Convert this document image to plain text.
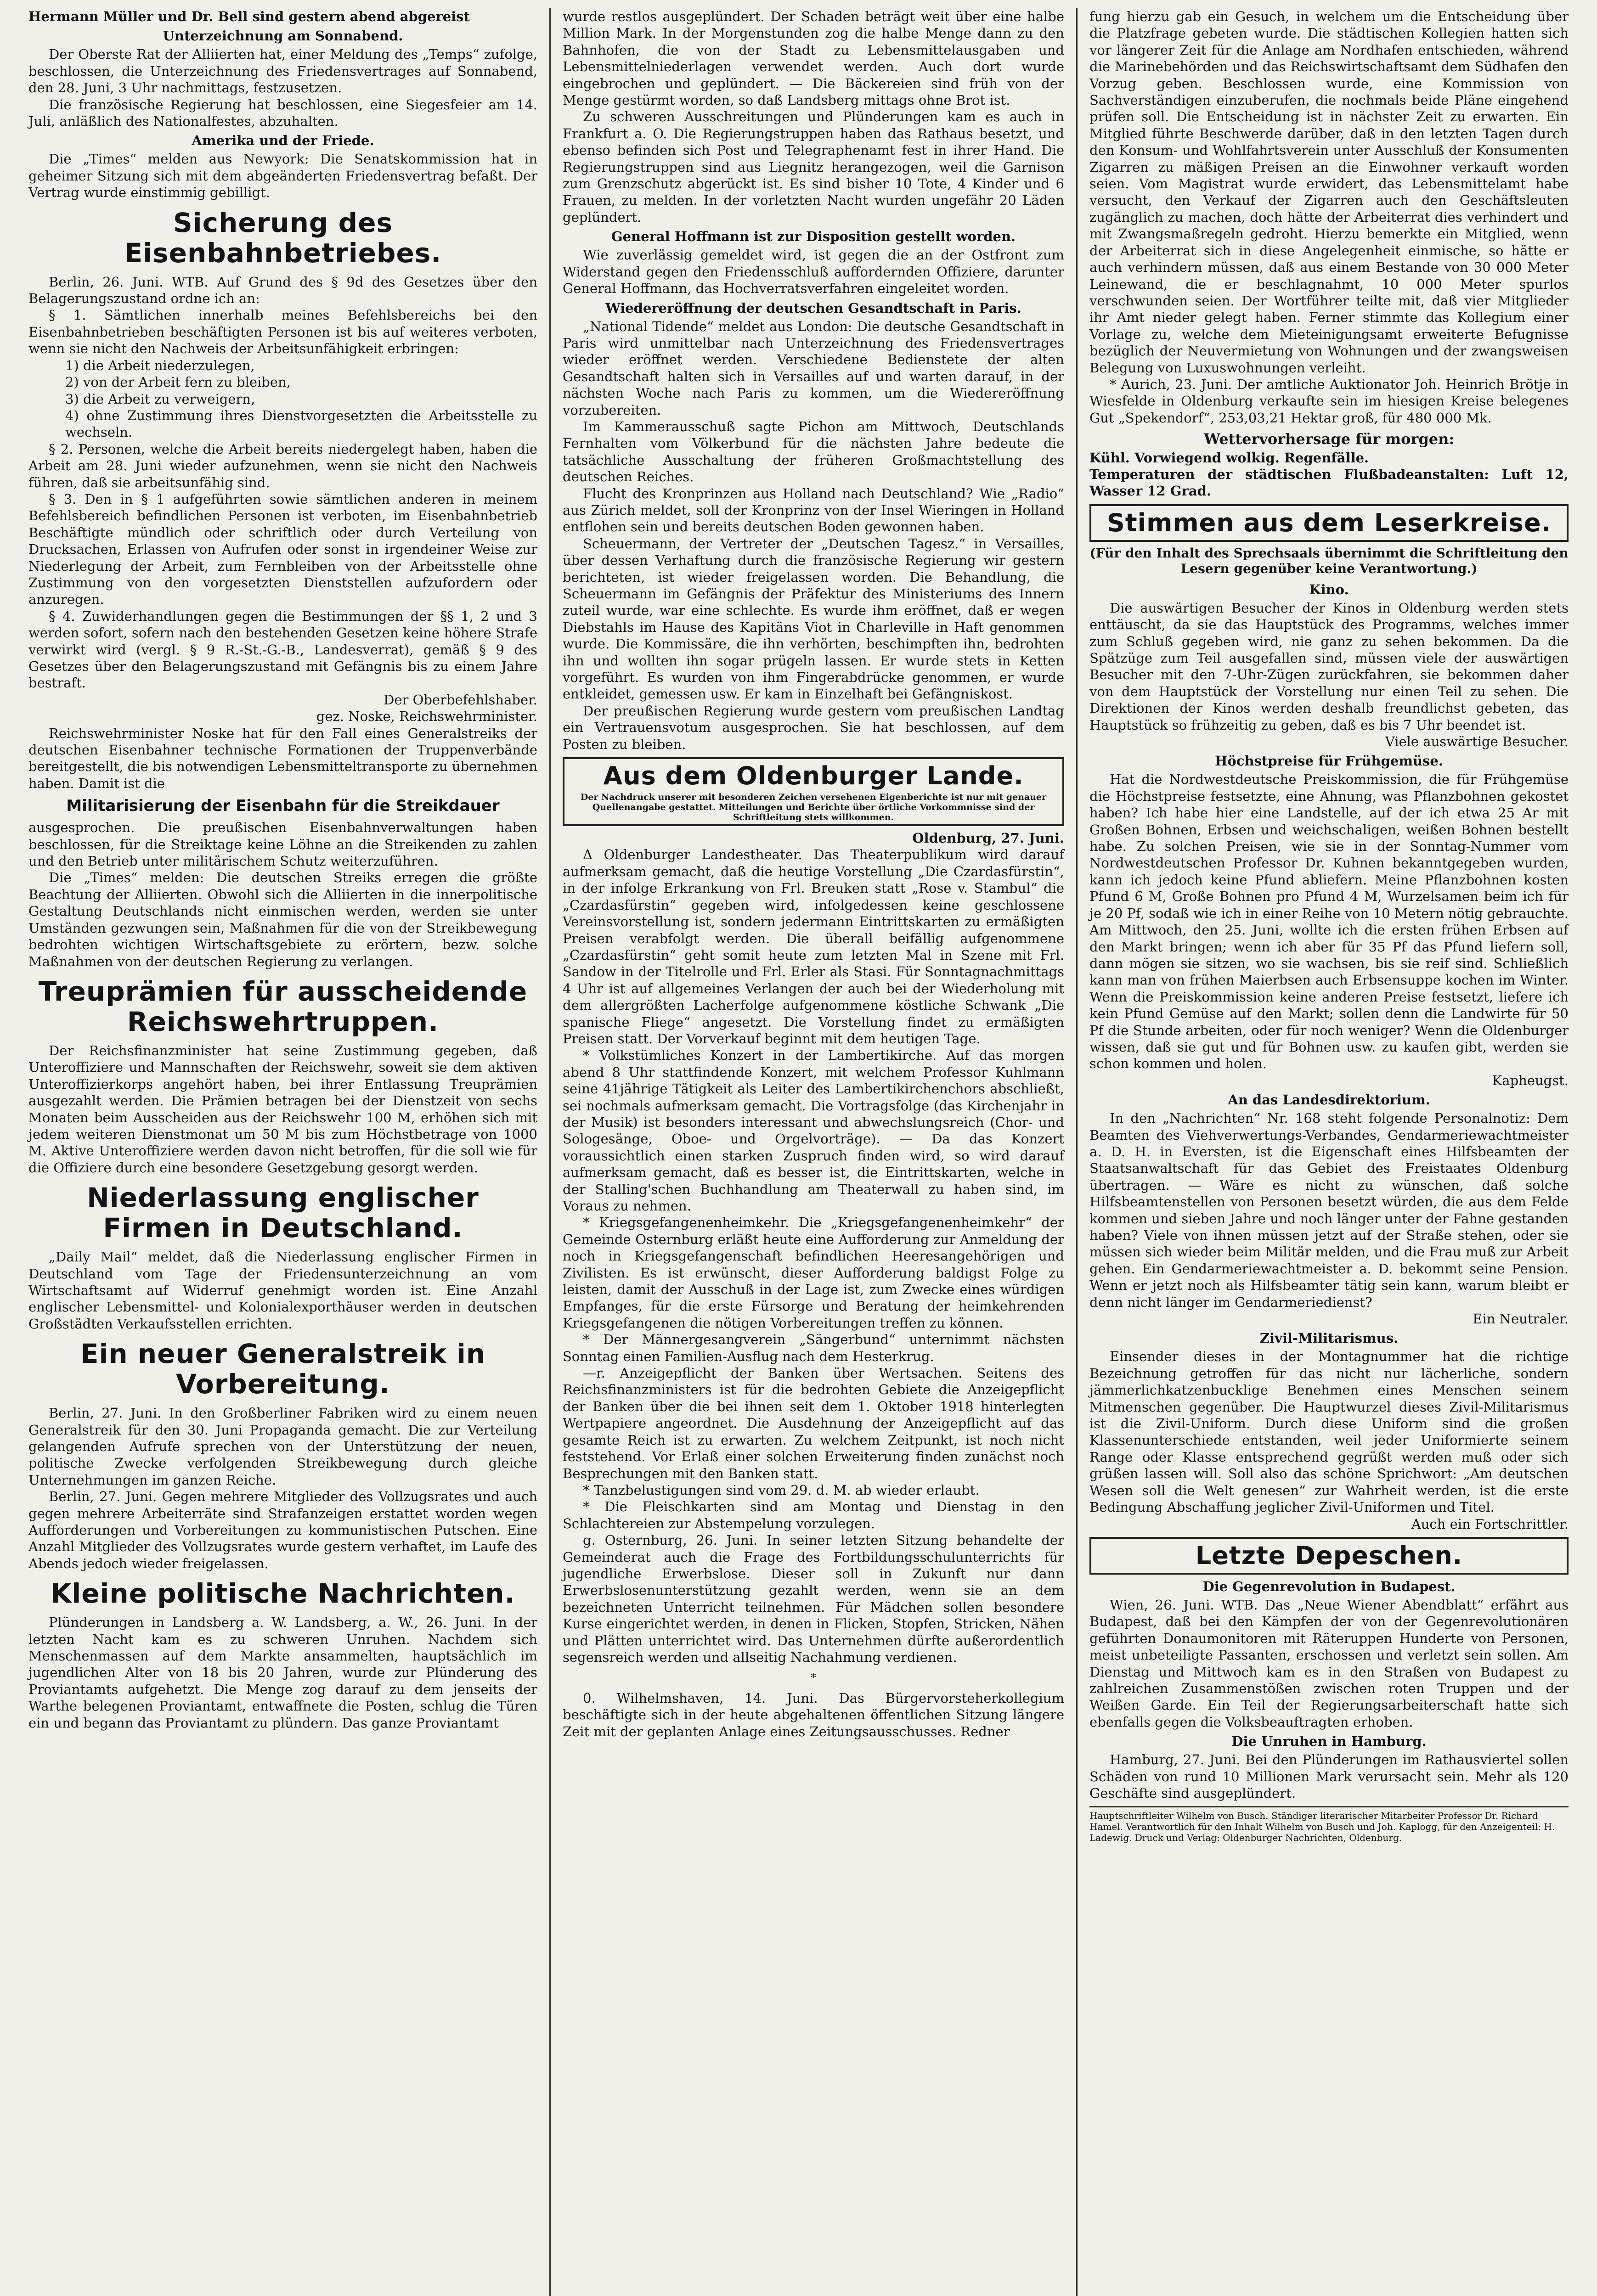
Hermann Müller und Dr. Bell sind gestern abend abgereist

Unterzeichnung am Sonnabend.

Der Oberste Rat der Alliierten hat, einer Meldung des „Temps“ zufolge, beschlossen, die Unterzeichnung des Friedensvertrages auf Sonnabend, den 28. Juni, 3 Uhr nachmittags, festzusetzen.

Die französische Regierung hat beschlossen, eine Siegesfeier am 14. Juli, anläßlich des Nationalfestes, abzuhalten.

Amerika und der Friede.

Die „Times“ melden aus Newyork: Die Senatskommission hat in geheimer Sitzung sich mit dem abgeänderten Friedensvertrag befaßt. Der Vertrag wurde einstimmig gebilligt.

Sicherung des Eisenbahnbetriebes.

Berlin, 26. Juni. WTB. Auf Grund des § 9d des Gesetzes über den Belagerungszustand ordne ich an:

§ 1. Sämtlichen innerhalb meines Befehlsbereichs bei den Eisenbahnbetrieben beschäftigten Personen ist bis auf weiteres verboten, wenn sie nicht den Nachweis der Arbeitsunfähigkeit erbringen:

1) die Arbeit niederzulegen,

2) von der Arbeit fern zu bleiben,

3) die Arbeit zu verweigern,

4) ohne Zustimmung ihres Dienstvorgesetzten die Arbeitsstelle zu wechseln.

§ 2. Personen, welche die Arbeit bereits niedergelegt haben, haben die Arbeit am 28. Juni wieder aufzunehmen, wenn sie nicht den Nachweis führen, daß sie arbeitsunfähig sind.

§ 3. Den in § 1 aufgeführten sowie sämtlichen anderen in meinem Befehlsbereich befindlichen Personen ist verboten, im Eisenbahnbetrieb Beschäftigte mündlich oder schriftlich oder durch Verteilung von Drucksachen, Erlassen von Aufrufen oder sonst in irgendeiner Weise zur Niederlegung der Arbeit, zum Fernbleiben von der Arbeitsstelle ohne Zustimmung von den vorgesetzten Dienststellen aufzufordern oder anzuregen.

§ 4. Zuwiderhandlungen gegen die Bestimmungen der §§ 1, 2 und 3 werden sofort, sofern nach den bestehenden Gesetzen keine höhere Strafe verwirkt wird (vergl. § 9 R.-St.-G.-B., Landesverrat), gemäß § 9 des Gesetzes über den Belagerungszustand mit Gefängnis bis zu einem Jahre bestraft.

Der Oberbefehlshaber.

gez. Noske, Reichswehrminister.

Reichswehrminister Noske hat für den Fall eines Generalstreiks der deutschen Eisenbahner technische Formationen der Truppenverbände bereitgestellt, die bis notwendigen Lebensmitteltransporte zu übernehmen haben. Damit ist die

Militarisierung der Eisenbahn für die Streikdauer

ausgesprochen. Die preußischen Eisenbahnverwaltungen haben beschlossen, für die Streiktage keine Löhne an die Streikenden zu zahlen und den Betrieb unter militärischem Schutz weiterzuführen.

Die „Times“ melden: Die deutschen Streiks erregen die größte Beachtung der Alliierten. Obwohl sich die Alliierten in die innerpolitische Gestaltung Deutschlands nicht einmischen werden, werden sie unter Umständen gezwungen sein, Maßnahmen für die von der Streikbewegung bedrohten wichtigen Wirtschaftsgebiete zu erörtern, bezw. solche Maßnahmen von der deutschen Regierung zu verlangen.

Treuprämien für ausscheidende Reichswehrtruppen.

Der Reichsfinanzminister hat seine Zustimmung gegeben, daß Unteroffiziere und Mannschaften der Reichswehr, soweit sie dem aktiven Unteroffizierkorps angehört haben, bei ihrer Entlassung Treuprämien ausgezahlt werden. Die Prämien betragen bei der Dienstzeit von sechs Monaten beim Ausscheiden aus der Reichswehr 100 M, erhöhen sich mit jedem weiteren Dienstmonat um 50 M bis zum Höchstbetrage von 1000 M. Aktive Unteroffiziere werden davon nicht betroffen, für die soll wie für die Offiziere durch eine besondere Gesetzgebung gesorgt werden.

Niederlassung englischer Firmen in Deutschland.

„Daily Mail“ meldet, daß die Niederlassung englischer Firmen in Deutschland vom Tage der Friedensunterzeichnung an vom Wirtschaftsamt auf Widerruf genehmigt worden ist. Eine Anzahl englischer Lebensmittel- und Kolonialexporthäuser werden in deutschen Großstädten Verkaufsstellen errichten.

Ein neuer Generalstreik in Vorbereitung.

Berlin, 27. Juni. In den Großberliner Fabriken wird zu einem neuen Generalstreik für den 30. Juni Propaganda gemacht. Die zur Verteilung gelangenden Aufrufe sprechen von der Unterstützung der neuen, politische Zwecke verfolgenden Streikbewegung durch gleiche Unternehmungen im ganzen Reiche.

Berlin, 27. Juni. Gegen mehrere Mitglieder des Vollzugsrates und auch gegen mehrere Arbeiterräte sind Strafanzeigen erstattet worden wegen Aufforderungen und Vorbereitungen zu kommunistischen Putschen. Eine Anzahl Mitglieder des Vollzugsrates wurde gestern verhaftet, im Laufe des Abends jedoch wieder freigelassen.

Kleine politische Nachrichten.

Plünderungen in Landsberg a. W. Landsberg, a. W., 26. Juni. In der letzten Nacht kam es zu schweren Unruhen. Nachdem sich Menschenmassen auf dem Markte ansammelten, hauptsächlich im jugendlichen Alter von 18 bis 20 Jahren, wurde zur Plünderung des Proviantamts aufgehetzt. Die Menge zog darauf zu dem jenseits der Warthe belegenen Proviantamt, entwaffnete die Posten, schlug die Türen ein und begann das Proviantamt zu plündern. Das ganze Proviantamt

wurde restlos ausgeplündert. Der Schaden beträgt weit über eine halbe Million Mark. In der Morgenstunden zog die halbe Menge dann zu den Bahnhofen, die von der Stadt zu Lebensmittelausgaben und Lebensmittelniederlagen verwendet werden. Auch dort wurde eingebrochen und geplündert. — Die Bäckereien sind früh von der Menge gestürmt worden, so daß Landsberg mittags ohne Brot ist.

Zu schweren Ausschreitungen und Plünderungen kam es auch in Frankfurt a. O. Die Regierungstruppen haben das Rathaus besetzt, und ebenso befinden sich Post und Telegraphenamt fest in ihrer Hand. Die Regierungstruppen sind aus Liegnitz herangezogen, weil die Garnison zum Grenzschutz abgerückt ist. Es sind bisher 10 Tote, 4 Kinder und 6 Frauen, zu melden. In der vorletzten Nacht wurden ungefähr 20 Läden geplündert.

General Hoffmann ist zur Disposition gestellt worden.

Wie zuverlässig gemeldet wird, ist gegen die an der Ostfront zum Widerstand gegen den Friedensschluß auffordernden Offiziere, darunter General Hoffmann, das Hochverratsverfahren eingeleitet worden.

Wiedereröffnung der deutschen Gesandtschaft in Paris.

„National Tidende“ meldet aus London: Die deutsche Gesandtschaft in Paris wird unmittelbar nach Unterzeichnung des Friedensvertrages wieder eröffnet werden. Verschiedene Bedienstete der alten Gesandtschaft halten sich in Versailles auf und warten darauf, in der nächsten Woche nach Paris zu kommen, um die Wiedereröffnung vorzubereiten.

Im Kammerausschuß sagte Pichon am Mittwoch, Deutschlands Fernhalten vom Völkerbund für die nächsten Jahre bedeute die tatsächliche Ausschaltung der früheren Großmachtstellung des deutschen Reiches.

Flucht des Kronprinzen aus Holland nach Deutschland? Wie „Radio“ aus Zürich meldet, soll der Kronprinz von der Insel Wieringen in Holland entflohen sein und bereits deutschen Boden gewonnen haben.

Scheuermann, der Vertreter der „Deutschen Tagesz.“ in Versailles, über dessen Verhaftung durch die französische Regierung wir gestern berichteten, ist wieder freigelassen worden. Die Behandlung, die Scheuermann im Gefängnis der Präfektur des Ministeriums des Innern zuteil wurde, war eine schlechte. Es wurde ihm eröffnet, daß er wegen Diebstahls im Hause des Kapitäns Viot in Charleville in Haft genommen wurde. Die Kommissäre, die ihn verhörten, beschimpften ihn, bedrohten ihn und wollten ihn sogar prügeln lassen. Er wurde stets in Ketten vorgeführt. Es wurden von ihm Fingerabdrücke genommen, er wurde entkleidet, gemessen usw. Er kam in Einzelhaft bei Gefängniskost.

Der preußischen Regierung wurde gestern vom preußischen Landtag ein Vertrauensvotum ausgesprochen. Sie hat beschlossen, auf dem Posten zu bleiben.

Aus dem Oldenburger Lande.

Der Nachdruck unserer mit besonderen Zeichen versehenen Eigenberichte ist nur mit genauer Quellenangabe gestattet. Mitteilungen und Berichte über örtliche Vorkommnisse sind der Schriftleitung stets willkommen.

Oldenburg, 27. Juni.

Δ Oldenburger Landestheater. Das Theaterpublikum wird darauf aufmerksam gemacht, daß die heutige Vorstellung „Die Czardasfürstin“, in der infolge Erkrankung von Frl. Breuken statt „Rose v. Stambul“ die „Czardasfürstin“ gegeben wird, infolgedessen keine geschlossene Vereinsvorstellung ist, sondern jedermann Eintrittskarten zu ermäßigten Preisen verabfolgt werden. Die überall beifällig aufgenommene „Czardasfürstin“ geht somit heute zum letzten Mal in Szene mit Frl. Sandow in der Titelrolle und Frl. Erler als Stasi. Für Sonntagnachmittags 4 Uhr ist auf allgemeines Verlangen der auch bei der Wiederholung mit dem allergrößten Lacherfolge aufgenommene köstliche Schwank „Die spanische Fliege“ angesetzt. Die Vorstellung findet zu ermäßigten Preisen statt. Der Vorverkauf beginnt mit dem heutigen Tage.

* Volkstümliches Konzert in der Lambertikirche. Auf das morgen abend 8 Uhr stattfindende Konzert, mit welchem Professor Kuhlmann seine 41jährige Tätigkeit als Leiter des Lambertikirchenchors abschließt, sei nochmals aufmerksam gemacht. Die Vortragsfolge (das Kirchenjahr in der Musik) ist besonders interessant und abwechslungsreich (Chor- und Sologesänge, Oboe- und Orgelvorträge). — Da das Konzert voraussichtlich einen starken Zuspruch finden wird, so wird darauf aufmerksam gemacht, daß es besser ist, die Eintrittskarten, welche in der Stalling'schen Buchhandlung am Theaterwall zu haben sind, im Voraus zu nehmen.

* Kriegsgefangenenheimkehr. Die „Kriegsgefangenenheimkehr“ der Gemeinde Osternburg erläßt heute eine Aufforderung zur Anmeldung der noch in Kriegsgefangenschaft befindlichen Heeresangehörigen und Zivilisten. Es ist erwünscht, dieser Aufforderung baldigst Folge zu leisten, damit der Ausschuß in der Lage ist, zum Zwecke eines würdigen Empfanges, für die erste Fürsorge und Beratung der heimkehrenden Kriegsgefangenen die nötigen Vorbereitungen treffen zu können.

* Der Männergesangverein „Sängerbund“ unternimmt nächsten Sonntag einen Familien-Ausflug nach dem Hesterkrug.

—r. Anzeigepflicht der Banken über Wertsachen. Seitens des Reichsfinanzministers ist für die bedrohten Gebiete die Anzeigepflicht der Banken über die bei ihnen seit dem 1. Oktober 1918 hinterlegten Wertpapiere angeordnet. Die Ausdehnung der Anzeigepflicht auf das gesamte Reich ist zu erwarten. Zu welchem Zeitpunkt, ist noch nicht feststehend. Vor Erlaß einer solchen Erweiterung finden zunächst noch Besprechungen mit den Banken statt.

* Tanzbelustigungen sind vom 29. d. M. ab wieder erlaubt.

* Die Fleischkarten sind am Montag und Dienstag in den Schlachtereien zur Abstempelung vorzulegen.

g. Osternburg, 26. Juni. In seiner letzten Sitzung behandelte der Gemeinderat auch die Frage des Fortbildungsschulunterrichts für jugendliche Erwerbslose. Dieser soll in Zukunft nur dann Erwerbslosenunterstützung gezahlt werden, wenn sie an dem bezeichneten Unterricht teilnehmen. Für Mädchen sollen besondere Kurse eingerichtet werden, in denen in Flicken, Stopfen, Stricken, Nähen und Plätten unterrichtet wird. Das Unternehmen dürfte außerordentlich segensreich werden und allseitig Nachahmung verdienen.

*

0. Wilhelmshaven, 14. Juni. Das Bürgervorsteherkollegium beschäftigte sich in der heute abgehaltenen öffentlichen Sitzung längere Zeit mit der geplanten Anlage eines Zeitungsausschusses. Redner

fung hierzu gab ein Gesuch, in welchem um die Entscheidung über die Platzfrage gebeten wurde. Die städtischen Kollegien hatten sich vor längerer Zeit für die Anlage am Nordhafen entschieden, während die Marinebehörden und das Reichswirtschaftsamt dem Südhafen den Vorzug geben. Beschlossen wurde, eine Kommission von Sachverständigen einzuberufen, die nochmals beide Pläne eingehend prüfen soll. Die Entscheidung ist in nächster Zeit zu erwarten. Ein Mitglied führte Beschwerde darüber, daß in den letzten Tagen durch den Konsum- und Wohlfahrtsverein unter Ausschluß der Konsumenten Zigarren zu mäßigen Preisen an die Einwohner verkauft worden seien. Vom Magistrat wurde erwidert, das Lebensmittelamt habe versucht, den Verkauf der Zigarren auch den Geschäftsleuten zugänglich zu machen, doch hätte der Arbeiterrat dies verhindert und mit Zwangsmaßregeln gedroht. Hierzu bemerkte ein Mitglied, wenn der Arbeiterrat sich in diese Angelegenheit einmische, so hätte er auch verhindern müssen, daß aus einem Bestande von 30 000 Meter Leinewand, die er beschlagnahmt, 10 000 Meter spurlos verschwunden seien. Der Wortführer teilte mit, daß vier Mitglieder ihr Amt nieder gelegt haben. Ferner stimmte das Kollegium einer Vorlage zu, welche dem Mieteinigungsamt erweiterte Befugnisse bezüglich der Neuvermietung von Wohnungen und der zwangsweisen Belegung von Luxuswohnungen verleiht.

* Aurich, 23. Juni. Der amtliche Auktionator Joh. Heinrich Brötje in Wiesfelde in Oldenburg verkaufte sein im hiesigen Kreise belegenes Gut „Spekendorf“, 253,03,21 Hektar groß, für 480 000 Mk.

Wettervorhersage für morgen:

Kühl. Vorwiegend wolkig. Regenfälle.

Temperaturen der städtischen Flußbadeanstalten: Luft 12, Wasser 12 Grad.

Stimmen aus dem Leserkreise.

(Für den Inhalt des Sprechsaals übernimmt die Schriftleitung den Lesern gegenüber keine Verantwortung.)

Kino.

Die auswärtigen Besucher der Kinos in Oldenburg werden stets enttäuscht, da sie das Hauptstück des Programms, welches immer zum Schluß gegeben wird, nie ganz zu sehen bekommen. Da die Spätzüge zum Teil ausgefallen sind, müssen viele der auswärtigen Besucher mit den 7-Uhr-Zügen zurückfahren, sie bekommen daher von dem Hauptstück der Vorstellung nur einen Teil zu sehen. Die Direktionen der Kinos werden deshalb freundlichst gebeten, das Hauptstück so frühzeitig zu geben, daß es bis 7 Uhr beendet ist.

Viele auswärtige Besucher.

Höchstpreise für Frühgemüse.

Hat die Nordwestdeutsche Preiskommission, die für Frühgemüse die Höchstpreise festsetzte, eine Ahnung, was Pflanzbohnen gekostet haben? Ich habe hier eine Landstelle, auf der ich etwa 25 Ar mit Großen Bohnen, Erbsen und weichschaligen, weißen Bohnen bestellt habe. Zu solchen Preisen, wie sie in der Sonntag-Nummer vom Nordwestdeutschen Professor Dr. Kuhnen bekanntgegeben wurden, kann ich jedoch keine Pfund abliefern. Meine Pflanzbohnen kosten Pfund 6 M, Große Bohnen pro Pfund 4 M, Wurzelsamen beim ich für je 20 Pf, sodaß wie ich in einer Reihe von 10 Metern nötig gebrauchte. Am Mittwoch, den 25. Juni, wollte ich die ersten frühen Erbsen auf den Markt bringen; wenn ich aber für 35 Pf das Pfund liefern soll, dann mögen sie sitzen, wo sie wachsen, bis sie reif sind. Schließlich kann man von frühen Maierbsen auch Erbsensuppe kochen im Winter. Wenn die Preiskommission keine anderen Preise festsetzt, liefere ich kein Pfund Gemüse auf den Markt; sollen denn die Landwirte für 50 Pf die Stunde arbeiten, oder für noch weniger? Wenn die Oldenburger wissen, daß sie gut und für Bohnen usw. zu kaufen gibt, werden sie schon kommen und holen.

Kapheugst.

An das Landesdirektorium.

In den „Nachrichten“ Nr. 168 steht folgende Personalnotiz: Dem Beamten des Viehverwertungs-Verbandes, Gendarmeriewachtmeister a. D. H. in Eversten, ist die Eigenschaft eines Hilfsbeamten der Staatsanwaltschaft für das Gebiet des Freistaates Oldenburg übertragen. — Wäre es nicht zu wünschen, daß solche Hilfsbeamtenstellen von Personen besetzt würden, die aus dem Felde kommen und sieben Jahre und noch länger unter der Fahne gestanden haben? Viele von ihnen müssen jetzt auf der Straße stehen, oder sie müssen sich wieder beim Militär melden, und die Frau muß zur Arbeit gehen. Ein Gendarmeriewachtmeister a. D. bekommt seine Pension. Wenn er jetzt noch als Hilfsbeamter tätig sein kann, warum bleibt er denn nicht länger im Gendarmeriedienst?

Ein Neutraler.

Zivil-Militarismus.

Einsender dieses in der Montagnummer hat die richtige Bezeichnung getroffen für das nicht nur lächerliche, sondern jämmerlichkatzenbucklige Benehmen eines Menschen seinem Mitmenschen gegenüber. Die Hauptwurzel dieses Zivil-Militarismus ist die Zivil-Uniform. Durch diese Uniform sind die großen Klassenunterschiede entstanden, weil jeder Uniformierte seinem Range oder Klasse entsprechend gegrüßt werden muß oder sich grüßen lassen will. Soll also das schöne Sprichwort: „Am deutschen Wesen soll die Welt genesen“ zur Wahrheit werden, ist die erste Bedingung Abschaffung jeglicher Zivil-Uniformen und Titel.

Auch ein Fortschrittler.

Letzte Depeschen.
Die Gegenrevolution in Budapest.

Wien, 26. Juni. WTB. Das „Neue Wiener Abendblatt“ erfährt aus Budapest, daß bei den Kämpfen der von der Gegenrevolutionären geführten Donaumonitoren mit Räteruppen Hunderte von Personen, meist unbeteiligte Passanten, erschossen und verletzt sein sollen. Am Dienstag und Mittwoch kam es in den Straßen von Budapest zu zahlreichen Zusammenstößen zwischen roten Truppen und der Weißen Garde. Ein Teil der Regierungsarbeiterschaft hatte sich ebenfalls gegen die Volksbeauftragten erhoben.

Die Unruhen in Hamburg.

Hamburg, 27. Juni. Bei den Plünderungen im Rathausviertel sollen Schäden von rund 10 Millionen Mark verursacht sein. Mehr als 120 Geschäfte sind ausgeplündert.

Hauptschriftleiter Wilhelm von Busch. Ständiger literarischer Mitarbeiter Professor Dr. Richard Hamel. Verantwortlich für den Inhalt Wilhelm von Busch und Joh. Kaplogg, für den Anzeigenteil: H. Ladewig. Druck und Verlag: Oldenburger Nachrichten, Oldenburg.
